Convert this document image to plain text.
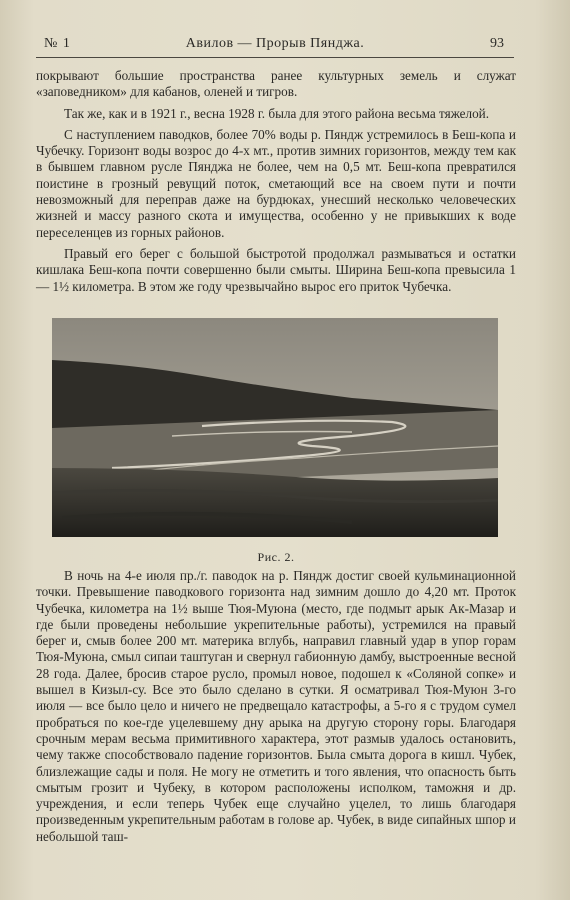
№ 1	Авилов — Прорыв Пянджа.	93

покрывают большие пространства ранее культурных земель и служат «заповедником» для кабанов, оленей и тигров.

Так же, как и в 1921 г., весна 1928 г. была для этого района весьма тяжелой.

С наступлением паводков, более 70% воды р. Пяндж устремилось в Беш-копа и Чубечку. Горизонт воды возрос до 4-х мт., против зимних горизонтов, между тем как в бывшем главном русле Пянджа не более, чем на 0,5 мт. Беш-копа превратился поистине в грозный ревущий поток, сметающий все на своем пути и почти невозможный для переправ даже на бурдюках, унесший несколько человеческих жизней и массу разного скота и имущества, особенно у не привыкших к воде переселенцев из горных районов.

Правый его берег с большой быстротой продолжал размываться и остатки кишлака Беш-копа почти совершенно были смыты. Ширина Беш-копа превысила 1 — 1½ километра. В этом же году чрезвычайно вырос его приток Чубечка.

Рис. 2.

В ночь на 4-е июля пр./г. паводок на р. Пяндж достиг своей кульминационной точки. Превышение паводкового горизонта над зимним дошло до 4,20 мт. Проток Чубечка, километра на 1½ выше Тюя-Муюна (место, где подмыт арык Ак-Мазар и где были проведены небольшие укрепительные работы), устремился на правый берег и, смыв более 200 мт. материка вглубь, направил главный удар в упор горам Тюя-Муюна, смыл сипаи таштуган и свернул габионную дамбу, выстроенные весной 28 года. Далее, бросив старое русло, промыл новое, подошел к «Соляной сопке» и вышел в Кизыл-су. Все это было сделано в сутки. Я осматривал Тюя-Муюн 3-го июля — все было цело и ничего не предвещало катастрофы, а 5-го я с трудом сумел пробраться по кое-где уцелевшему дну арыка на другую сторону горы. Благодаря срочным мерам весьма примитивного характера, этот размыв удалось остановить, чему также способствовало падение горизонтов. Была смыта дорога в кишл. Чубек, близлежащие сады и поля. Не могу не отметить и того явления, что опасность быть смытым грозит и Чубеку, в котором расположены исполком, таможня и др. учреждения, и если теперь Чубек еще случайно уцелел, то лишь благодаря произведенным укрепительным работам в голове ар. Чубек, в виде сипайных шпор и небольшой таш-
